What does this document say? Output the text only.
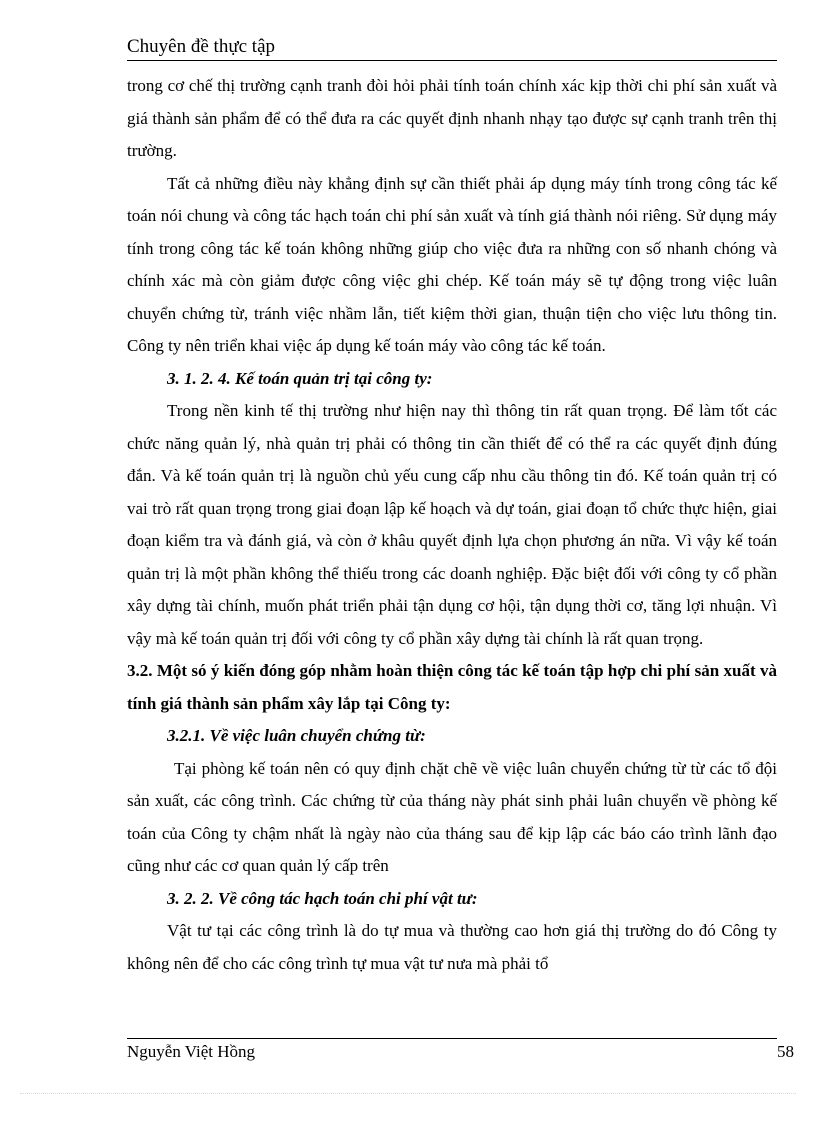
Chuyên đề thực tập

trong cơ chế thị trường cạnh tranh đòi hỏi phải tính toán chính xác kịp thời chi phí sản xuất và giá thành sản phẩm để có thể đưa ra các quyết định nhanh nhạy tạo được sự cạnh tranh trên thị trường.

Tất cả những điều này khẳng định sự cần thiết phải áp dụng máy tính trong công tác kế toán nói chung và công tác hạch toán chi phí sản xuất và tính giá thành nói riêng. Sử dụng máy tính trong công tác kế toán không những giúp cho việc đưa ra những con số nhanh chóng và chính xác mà còn giảm được công việc ghi chép. Kế toán máy sẽ tự động trong việc luân chuyển chứng từ, tránh việc nhầm lẫn, tiết kiệm thời gian, thuận tiện cho việc lưu thông tin. Công ty nên triển khai việc áp dụng kế toán máy vào công tác kế toán.

3. 1. 2. 4. Kế toán quản trị tại công ty:

Trong nền kinh tế thị trường như hiện nay thì thông tin rất quan trọng. Để làm tốt các chức năng quản lý, nhà quản trị phải có thông tin cần thiết để có thể ra các quyết định đúng đắn. Và kế toán quản trị là nguồn chủ yếu cung cấp nhu cầu thông tin đó. Kế toán quản trị có vai trò rất quan trọng trong giai đoạn lập kế hoạch và dự toán, giai đoạn tổ chức thực hiện, giai đoạn kiểm tra và đánh giá, và còn ở khâu quyết định lựa chọn phương án nữa. Vì vậy kế toán quản trị là một phần không thể thiếu trong các doanh nghiệp. Đặc biệt đối với công ty cổ phần xây dựng tài chính, muốn phát triển phải tận dụng cơ hội, tận dụng thời cơ, tăng lợi nhuận. Vì vậy mà kế toán quản trị đối với công ty cổ phần xây dựng tài chính là rất quan trọng.

3.2. Một só ý kiến đóng góp nhằm hoàn thiện công tác kế toán tập hợp chi phí sản xuất và tính giá thành sản phẩm xây lắp tại Công ty:

3.2.1. Về việc luân chuyển chứng từ:

Tại phòng kế toán nên có quy định chặt chẽ về việc luân chuyển chứng từ từ các tổ đội sản xuất, các công trình. Các chứng từ của tháng này phát sinh phải luân chuyển về phòng kế toán của Công ty chậm nhất là ngày nào của tháng sau để kịp lập các báo cáo trình lãnh đạo cũng như các cơ quan quản lý cấp trên

3. 2. 2. Về công tác hạch toán chi phí vật tư:

Vật tư tại các công trình là do tự mua và thường cao hơn giá thị trường do đó Công ty không nên để cho các công trình tự mua vật tư nưa mà phải tổ

Nguyễn Việt Hồng	58
